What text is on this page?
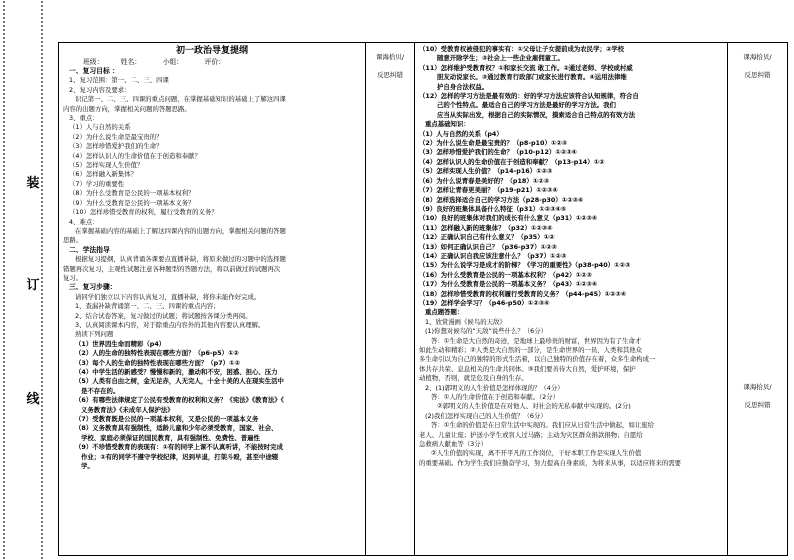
装
订
线
初一政治导复提纲
班级：        姓名：          小组：          评价：
一、复习目标 ：
1、复习范围：第一、二、三、四课
2、复习内容及要求：
识记第一、二、三、四课的重点问题，在掌握基础知识的基础上了解这四课
内容的出题方向，掌握相关问题的答题思路。
3、重点：
（1）人与自然的关系
（2）为什么说生命是最宝贵的？
（3）怎样珍惜爱护我们的生命？
（4）怎样认识人的生命价值在于创造和奉献？
（5）怎样实现人生价值？
（6）怎样融入新集体？
（7）学习的重要性
（8）为什么受教育是公民的一项基本权利？
（9）为什么受教育是公民的一项基本义务？
（10）怎样珍惜受教育的权利，履行受教育的义务？
4、难点：
在掌握基础内容的基础上了解这四课内容的出题方向，掌握相关问题的答题
思路。
二、学法指导
根据复习提纲，认真背诵各课要点直播补缺，将原来做过的习题中的选择题
错题再次复习，主观性试题注意各种题型的答题方法，将以前做过的试题再次
复习。
三、复习步骤：
请同学们独立以下内容认真复习，直播补缺，将你未能作好完成。
1、查漏补缺背诵第一、二、三、四课的重点内容；
2、结合试卷答案，复习做过的试题；将试题按各课分类再阅。
3、认真阅读课本内容，对于除重点内容外的其他内容要认真理解。
熟读下列问题
（1）世界因生命而精彩（p4）
（2）人的生命的独特性表现在哪些方面？（p6-p5）①②
（3）每个人的生命的独特性表现在哪些方面？（p7）①②
（4）中学生活的新感受？慢慢和新的，激动和不安，困惑、担心、压力
（5）人类有自由之树，金无足赤，人无完人，十全十美的人在现实生活中
是不存在的。
（6）有哪些法律规定了公民有受教育的权利和义务？《宪法》《教育法》《
义务教育法》《未成年人保护法》
（7）受教育既是公民的一项基本权利，又是公民的一项基本义务
（8）义务教育具有强制性，适龄儿童和少年必须受教育，国家、社会、
学校、家庭必须保证的国民教育，具有强制性、免费性、普遍性
（9）不珍惜受教育的表现有：①有的同学上课不认真听讲，不能按时完成
作业；②有的同学不遵守学校纪律，迟到早退，打架斗殴，甚至中途辍
学。
课海拾贝/
反思纠错
（10）受教育权被侵犯的事实有：①父母让子女提前成为农民学；②学校
随意开除学生；③社会上一些企业雇佣童工。
（11）怎样维护受教育权？①和家长交流 敢工作。②通过老师、学校或村威
胆友动说家长。③通过教育行政部门或家长进行教育。④运用法律维
护自身合法权益。
（12）怎样的学习方法是最有效的：好的学习方法应该符合认知规律，符合自
己的个性特点。最适合自己的学习方法是最好的学习方法。我们
应当从实际出发，根据自己的实际情况，摸索适合自己特点的有效方法
重点基础知识：
（1）人与自然的关系（p4）
（2）为什么说生命是最宝贵的？（p8-p10）①②③
（3）怎样珍惜爱护我们的生命？（p10-p12）①②③④
（4）怎样认识人的生命价值在于创造和奉献？（p13-p14）①②
（5）怎样实现人生价值？（p14-p16）①②③
（6）为什么说青春是美好的？（p18）①②③
（7）怎样让青春更美丽？（p19-p21）①②③④
（8）怎样选择适合自己的学习方法（p28-p30）①②③④
（9）良好的班集体具备什么特征（p31）①②③④⑤
（10）良好的班集体对我们的成长有什么意义（p31）①②③④
（11）怎样融入新的班集体？（p32）①②③④
（12）正确认识自己有什么意义？（p35）①②
（13）如何正确认识自己？（p36-p37）①②③
（14）正确认识自我应该注意什么？（p37）①②③
（15）为什么说学习是成才的阶梯？《学习的重要性》（p38-p40）①②③
（16）为什么受教育是公民的一项基本权利？（p42）①②③
（17）为什么受教育是公民的一项基本义务？（p43）①②③④
（18）怎样珍惜受教育的权利履行受教育的义务？（p44-p45）①②③④
（19）怎样学会学习？（p46-p50）①②③④
重点题答题：
1、欣赏漫画《候鸟的天敌》
(1)你想对候鸟的“天敌”说些什么？（6分）
答：①生命是大自然的奇迹，是地球上最珍贵的财富，世界因为有了生命才
如此生动和精彩；②人类是大自然的一部分，是生命世界的一员，人类和其他众
多生命引以为自己的独特的形式生活着，以自己独特的价值存在着，众多生命构成一
体共存共荣、息息相关的生命共同体。③我们要善待大自然，爱护环境，保护
动植物，否则，就是危及自身的生存。
2、(1)郭明义的人生价值是怎样体现的？（4分）
答：①人的生命价值在于创造和奉献。（2分）
②郭明义的人生价值是在对他人、对社会的无私奉献中实现的。(2分)
(2)我们怎样实现自己的人生价值？（6分）
答：①生命的价值是在日常生活中实现的。我们应从日常生活中做起，如让座给
老人、儿童让座；护送小学生或盲人过马路；主动为灾区群众捐款捐物；自愿给
急救病人献血等（3分）
②人生价值的实现，离不开平凡的工作岗位，干好本职工作是实现人生价值
的重要基础。作为学生我们应勤奋学习，努力提高自身素质，为将来从事，以适应将来的需要
课海拾贝/
反思纠错
课海拾贝/
反思纠错
